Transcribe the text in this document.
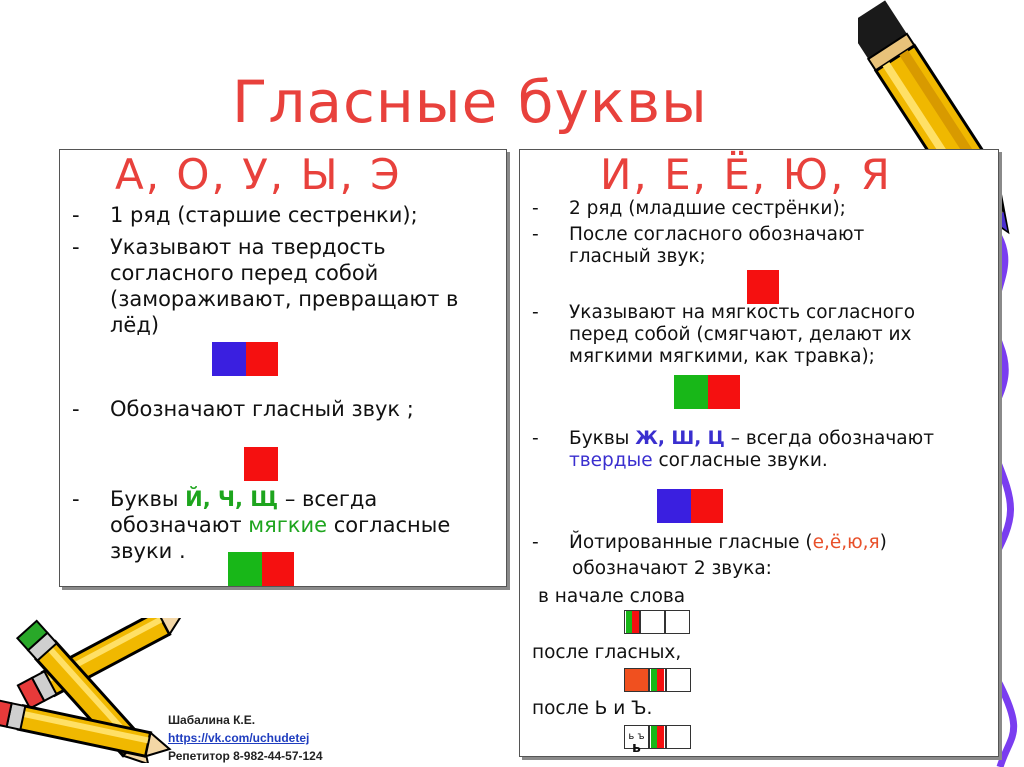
Гласные буквы
А, О, У, Ы, Э
- 1 ряд (старшие сестренки);
- Указывают на твердость согласного перед собой (замораживают, превращают в лёд)
- Обозначают гласный звук ;
- Буквы Й, Ч, Щ – всегда
обозначают мягкие согласные
звуки .
И, Е, Ё, Ю, Я
- 2 ряд (младшие сестрёнки);
- После согласного обозначают гласный звук;
- Указывают на мягкость согласного перед собой (смягчают, делают их мягкими мягкими, как травка);
- Буквы Ж, Ш, Ц – всегда обозначают
твердые согласные звуки.
- Йотированные гласные (е,ё,ю,я)
обозначают 2 звука:
в начале слова
после гласных,
после Ь и Ъ.
ь ъ
ь
Шабалина К.Е.
https://vk.com/uchudetej
Репетитор 8-982-44-57-124
